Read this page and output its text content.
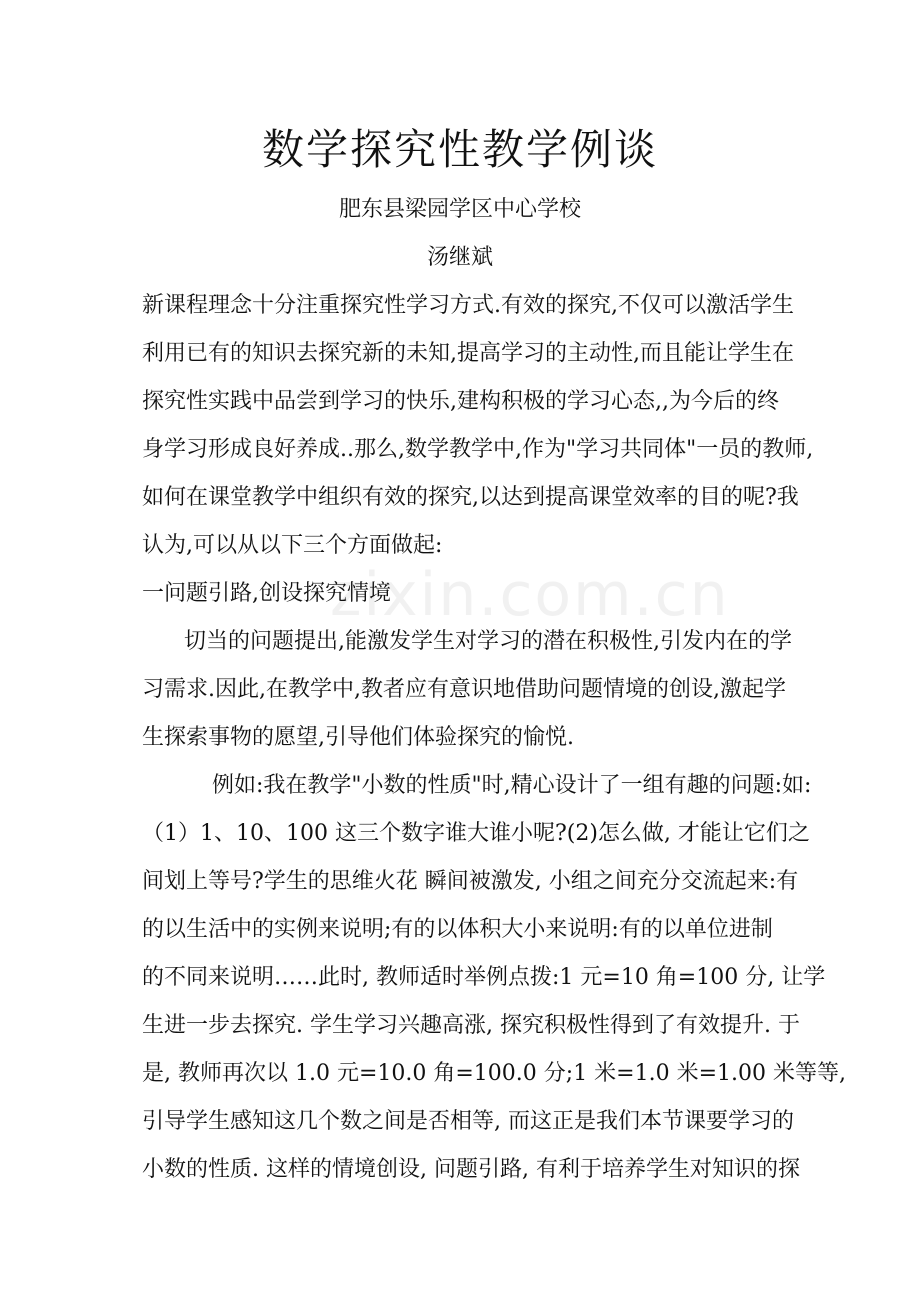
zixin.com.cn
数学探究性教学例谈
肥东县梁园学区中心学校
汤继斌
新课程理念十分注重探究性学习方式.有效的探究,不仅可以激活学生
利用已有的知识去探究新的未知,提高学习的主动性,而且能让学生在
探究性实践中品尝到学习的快乐,建构积极的学习心态,,为今后的终
身学习形成良好养成..那么,数学教学中,作为"学习共同体"一员的教师,
如何在课堂教学中组织有效的探究,以达到提高课堂效率的目的呢?我
认为,可以从以下三个方面做起:
一问题引路,创设探究情境
切当的问题提出,能激发学生对学习的潜在积极性,引发内在的学
习需求.因此,在教学中,教者应有意识地借助问题情境的创设,激起学
生探索事物的愿望,引导他们体验探究的愉悦.
例如:我在教学"小数的性质"时,精心设计了一组有趣的问题:如:
（1）1、10、100 这三个数字谁大谁小呢?(2)怎么做, 才能让它们之
间划上等号?学生的思维火花 瞬间被激发, 小组之间充分交流起来:有
的以生活中的实例来说明;有的以体积大小来说明:有的以单位进制
的不同来说明……此时, 教师适时举例点拨:1 元=10 角=100 分, 让学
生进一步去探究. 学生学习兴趣高涨, 探究积极性得到了有效提升. 于
是, 教师再次以 1.0 元=10.0 角=100.0 分;1 米=1.0 米=1.00 米等等,
引导学生感知这几个数之间是否相等, 而这正是我们本节课要学习的
小数的性质. 这样的情境创设, 问题引路, 有利于培养学生对知识的探
